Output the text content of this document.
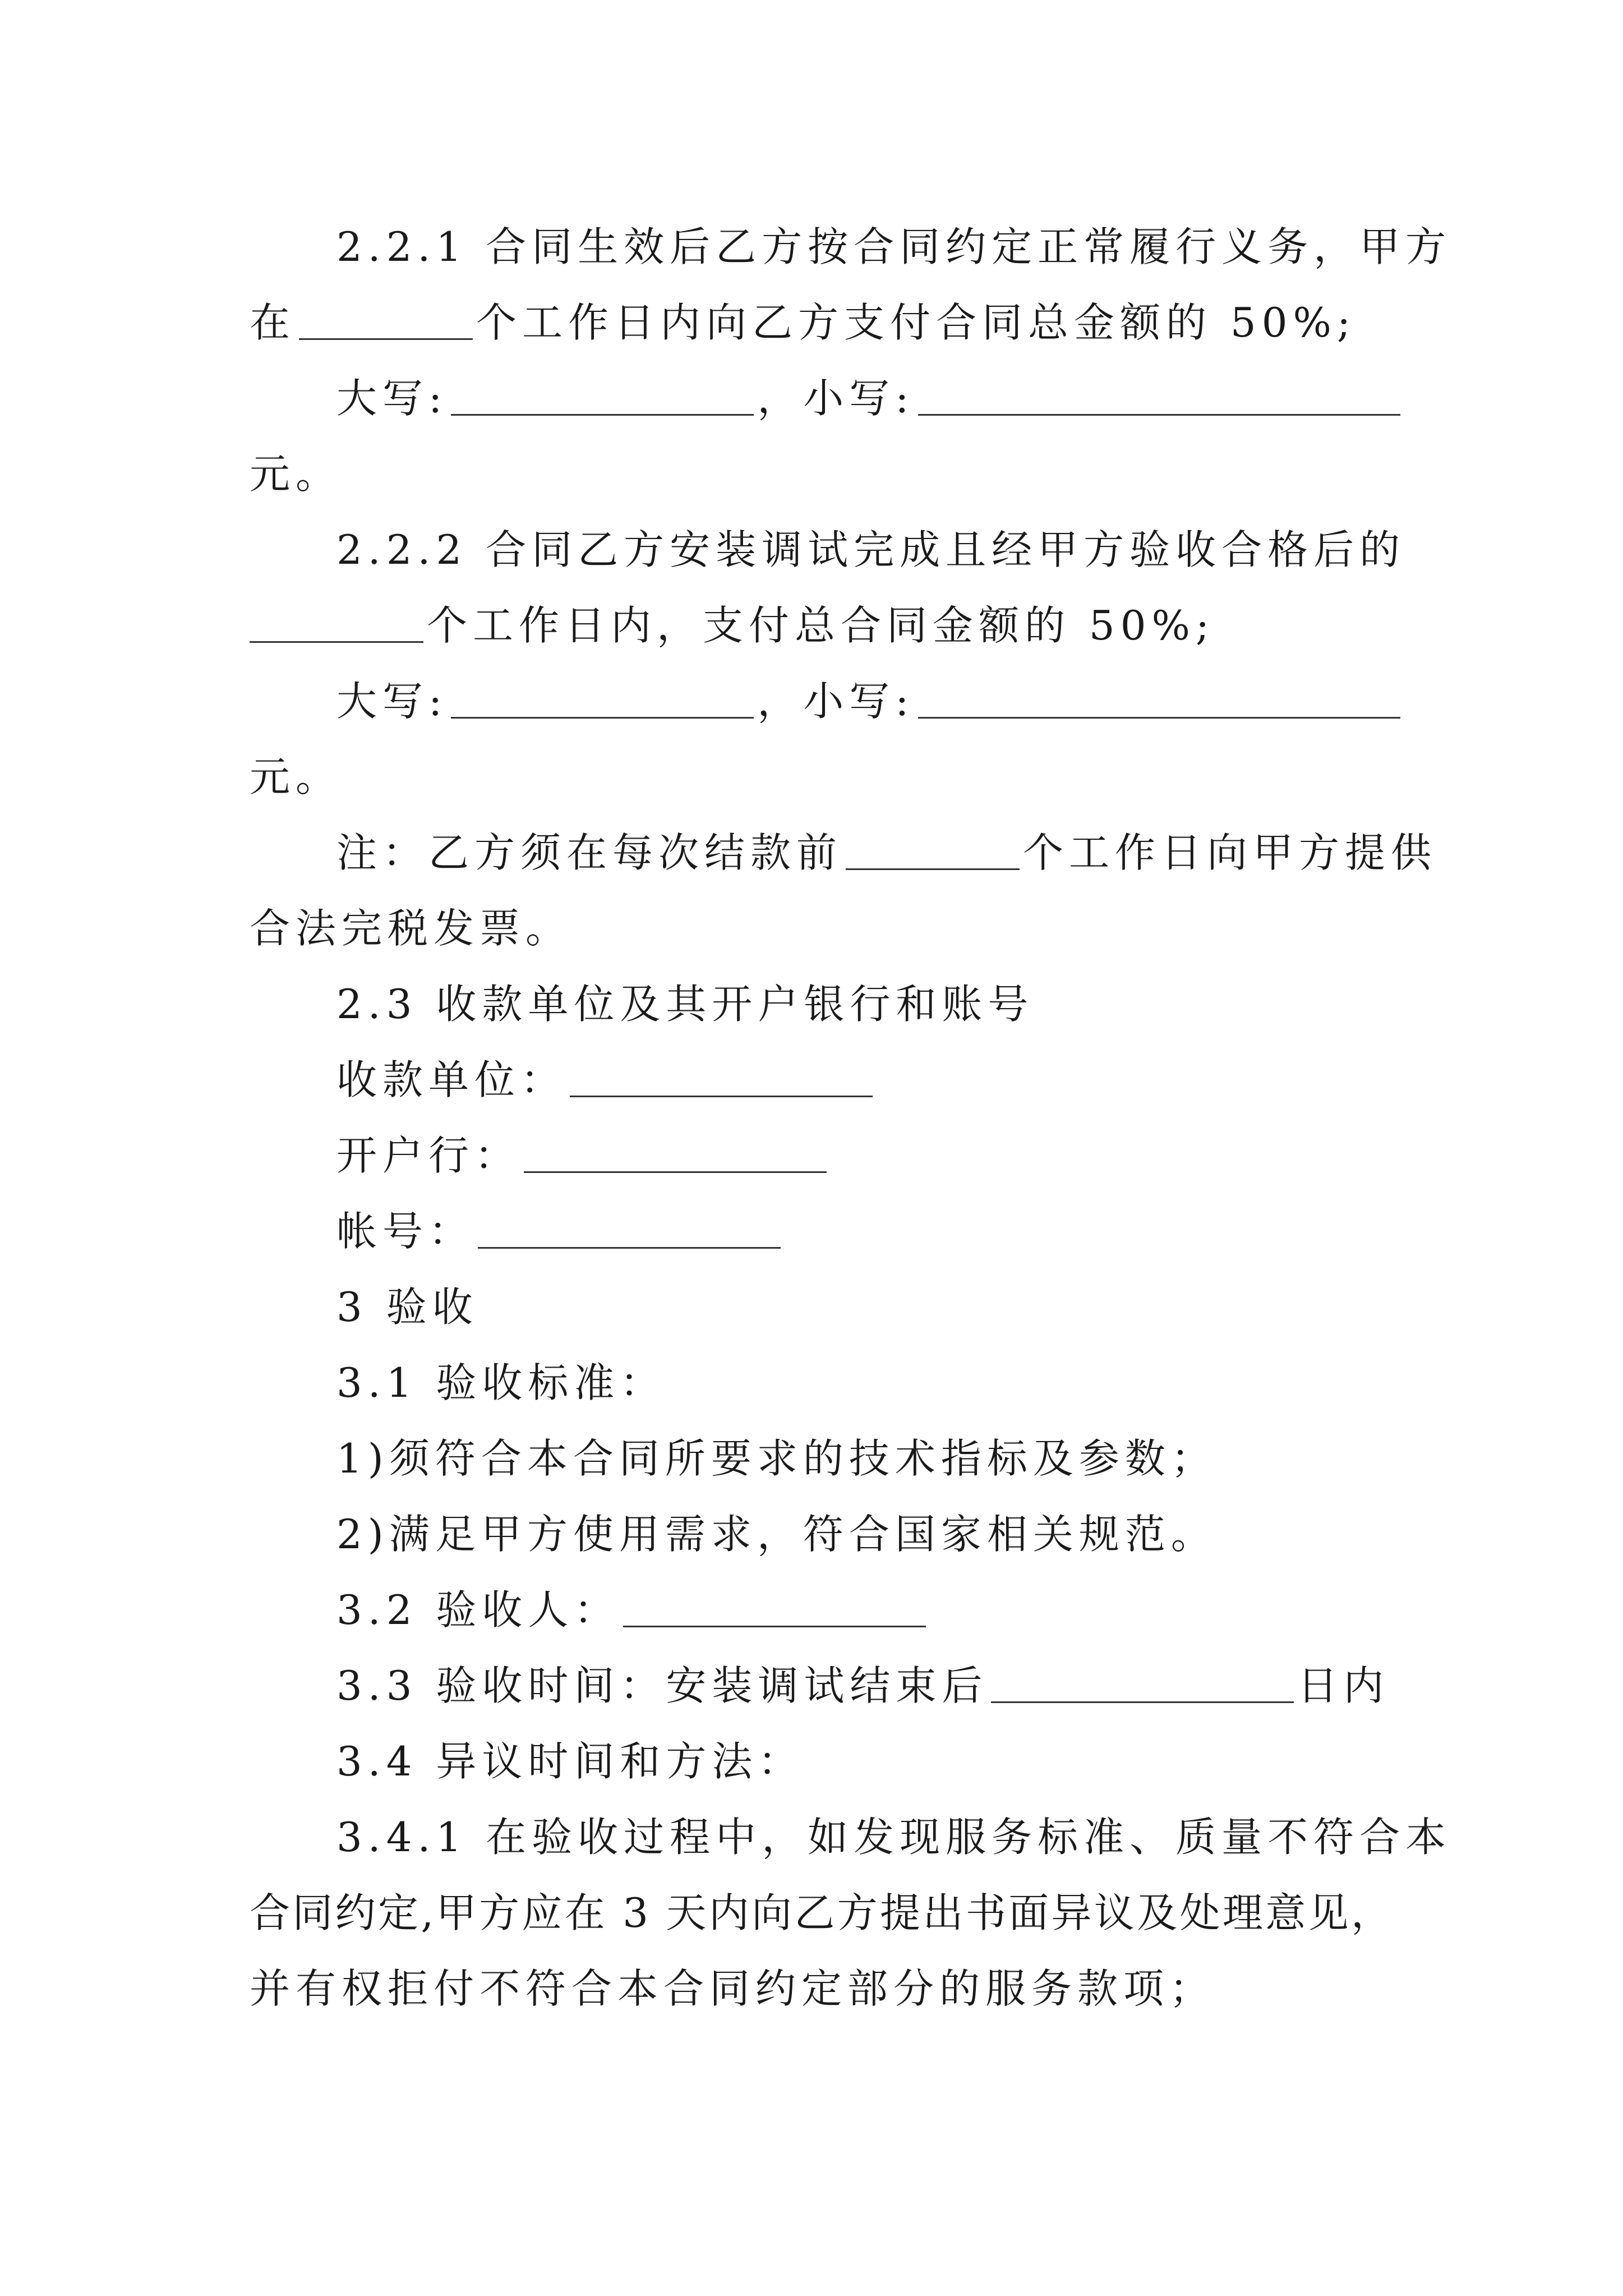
2.2.1 合同生效后乙方按合同约定正常履行义务，甲方
在	个工作日内向乙方支付合同总金额的 50%;
大写:	，小写:
元。
2.2.2 合同乙方安装调试完成且经甲方验收合格后的
个工作日内，支付总合同金额的 50%;
大写:	，小写:
元。
注：乙方须在每次结款前	个工作日向甲方提供
合法完税发票。
2.3 收款单位及其开户银行和账号
收款单位：
开户行：
帐号：
3 验收
3.1 验收标准：
1)须符合本合同所要求的技术指标及参数；
2)满足甲方使用需求，符合国家相关规范。
3.2 验收人：
3.3 验收时间：安装调试结束后	日内
3.4 异议时间和方法：
3.4.1 在验收过程中，如发现服务标准、质量不符合本
合同约定,甲方应在 3 天内向乙方提出书面异议及处理意见，
并有权拒付不符合本合同约定部分的服务款项；
